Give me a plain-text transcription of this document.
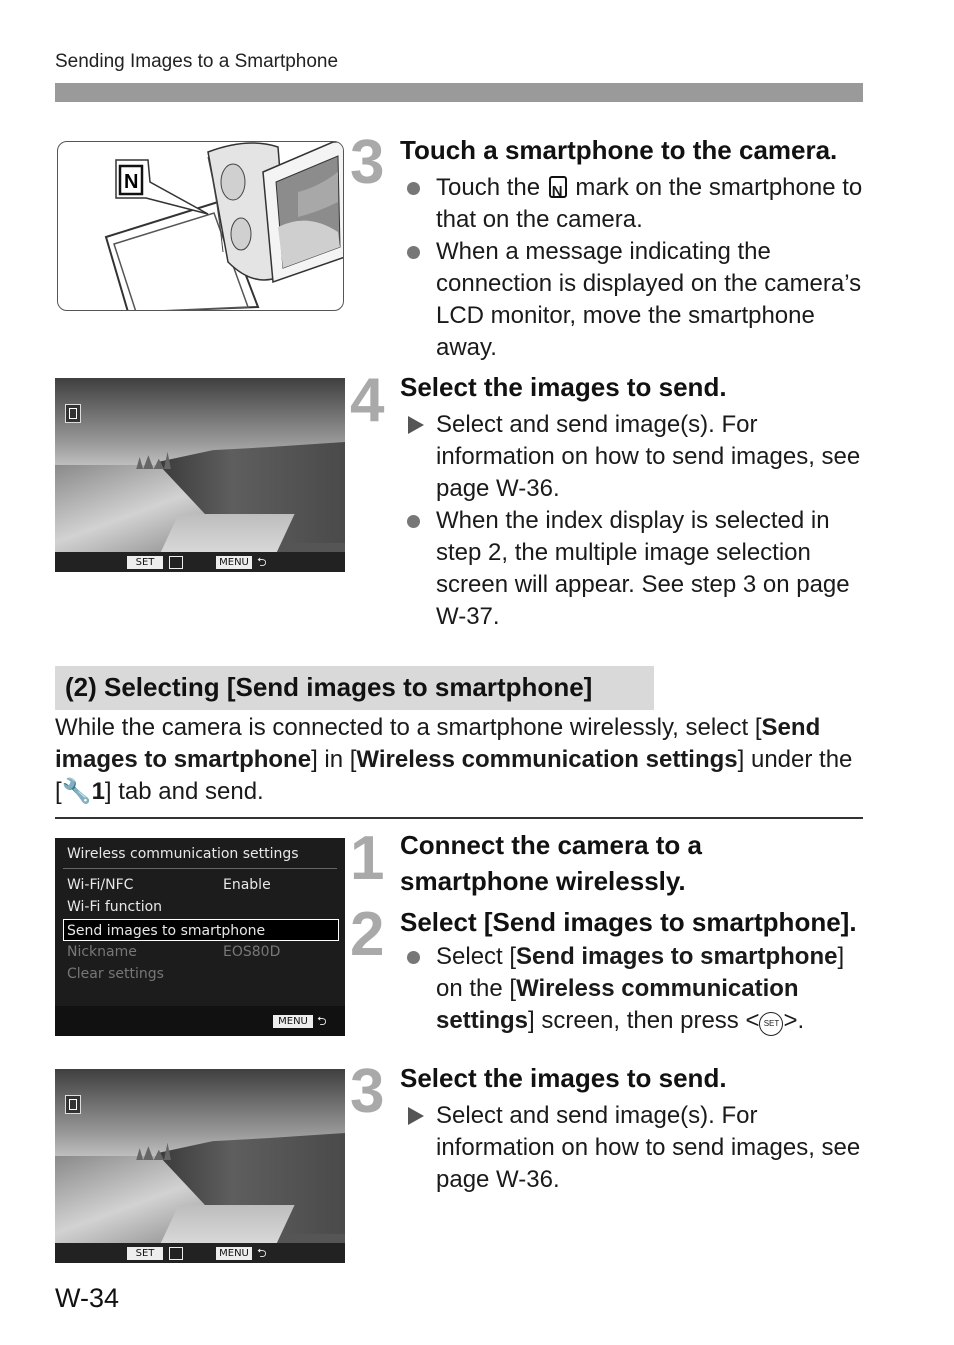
Sending Images to a Smartphone
N	3 Touch a smartphone to the camera.
Touch the N mark on the smartphone to that on the camera.
When a message indicating the connection is displayed on the camera’s LCD monitor, move the smartphone away.
SET	MENU ⮌
4 Select the images to send.
Select and send image(s). For information on how to send images, see page W-36.
When the index display is selected in step 2, the multiple image selection screen will appear. See step 3 on page W-37.
(2) Selecting [Send images to smartphone]
While the camera is connected to a smartphone wirelessly, select [Send images to smartphone] in [Wireless communication settings] under the [🔧1] tab and send.
Wireless communication settings
Wi-Fi/NFC	Enable
Wi-Fi function
Send images to smartphone
Nickname	EOS80D
Clear settings
MENU ⮌
1 Connect the camera to a smartphone wirelessly.
2 Select [Send images to smartphone].
Select [Send images to smartphone] on the [Wireless communication settings] screen, then press < SET >.
SET	MENU ⮌
3 Select the images to send.
Select and send image(s). For information on how to send images, see page W-36.
W-34
